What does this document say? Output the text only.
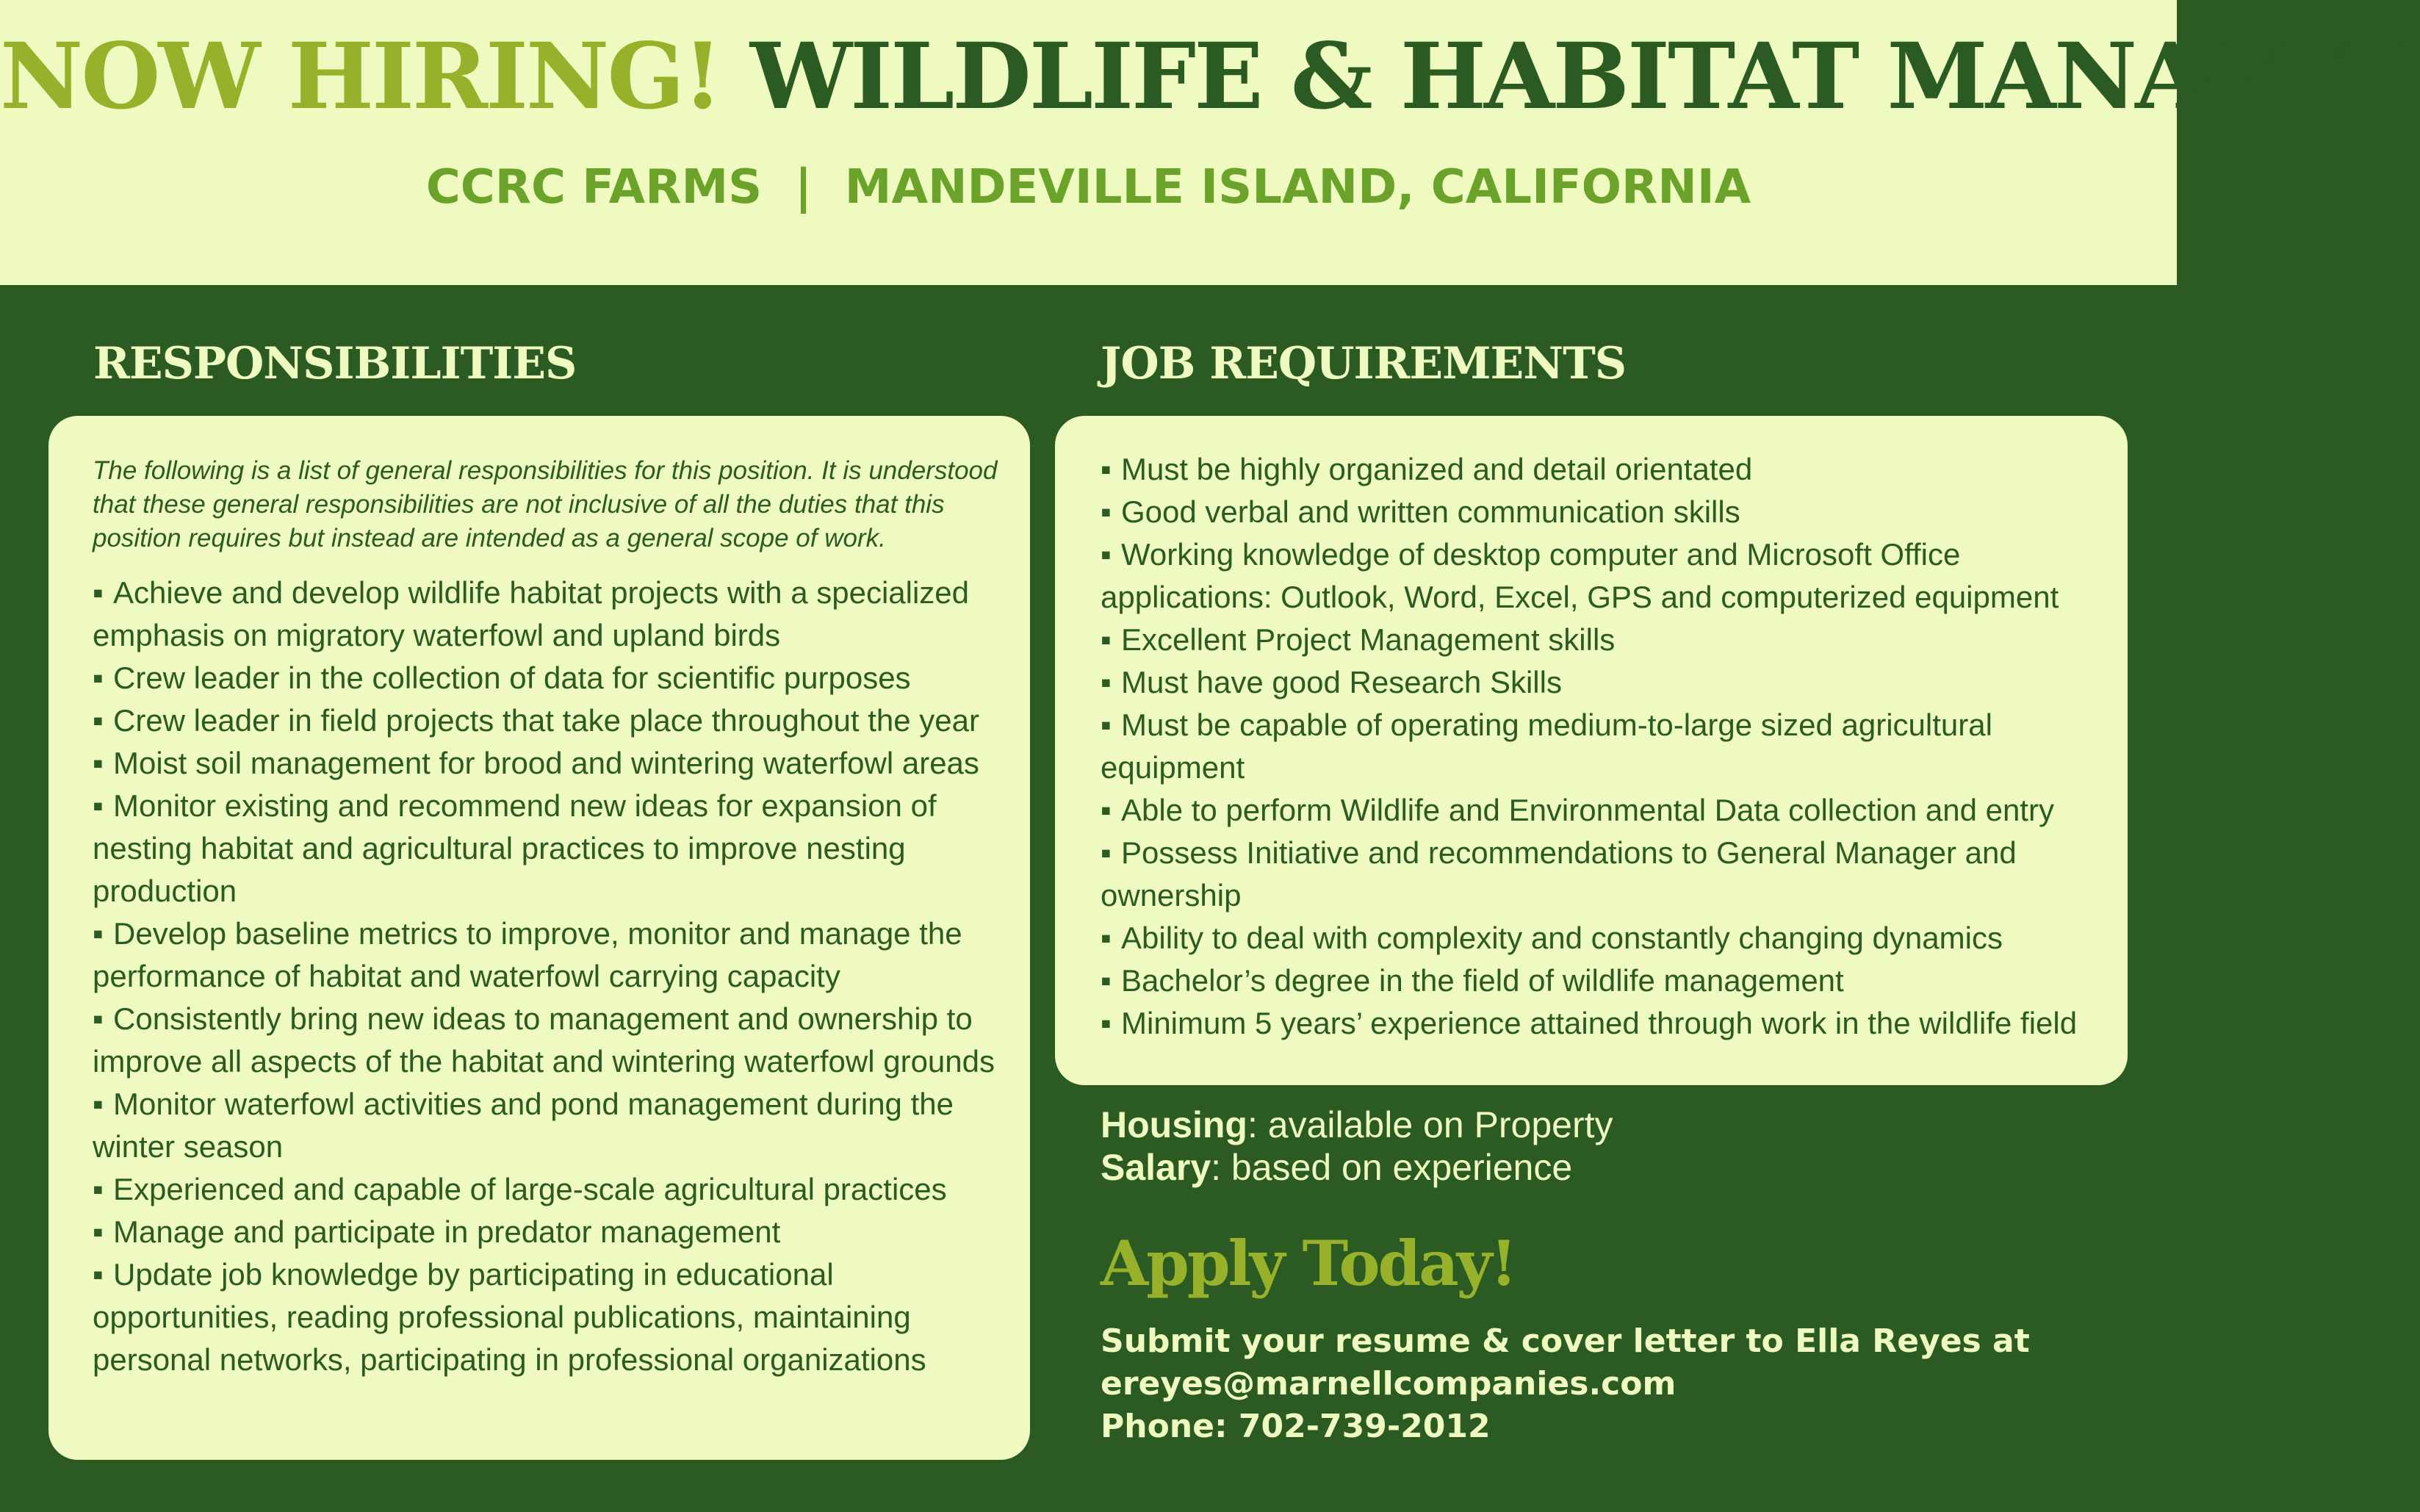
NOW HIRING! WILDLIFE & HABITAT MANAGER
CCRC FARMS  |  MANDEVILLE ISLAND, CALIFORNIA
RESPONSIBILITIES	JOB REQUIREMENTS

The following is a list of general responsibilities for this position. It is understood that these general responsibilities are not inclusive of all the duties that this position requires but instead are intended as a general scope of work.

▪ Achieve and develop wildlife habitat projects with a specialized emphasis on migratory waterfowl and upland birds
▪ Crew leader in the collection of data for scientific purposes
▪ Crew leader in field projects that take place throughout the year
▪ Moist soil management for brood and wintering waterfowl areas
▪ Monitor existing and recommend new ideas for expansion of nesting habitat and agricultural practices to improve nesting production
▪ Develop baseline metrics to improve, monitor and manage the performance of habitat and waterfowl carrying capacity
▪ Consistently bring new ideas to management and ownership to improve all aspects of the habitat and wintering waterfowl grounds
▪ Monitor waterfowl activities and pond management during the winter season
▪ Experienced and capable of large-scale agricultural practices
▪ Manage and participate in predator management
▪ Update job knowledge by participating in educational opportunities, reading professional publications, maintaining personal networks, participating in professional organizations
▪ Must be highly organized and detail orientated
▪ Good verbal and written communication skills
▪ Working knowledge of desktop computer and Microsoft Office applications: Outlook, Word, Excel, GPS and computerized equipment
▪ Excellent Project Management skills
▪ Must have good Research Skills
▪ Must be capable of operating medium-to-large sized agricultural equipment
▪ Able to perform Wildlife and Environmental Data collection and entry
▪ Possess Initiative and recommendations to General Manager and ownership
▪ Ability to deal with complexity and constantly changing dynamics
▪ Bachelor’s degree in the field of wildlife management
▪ Minimum 5 years’ experience attained through work in the wildlife field
Housing: available on Property
Salary: based on experience
Apply Today!
Submit your resume & cover letter to Ella Reyes at
ereyes@marnellcompanies.com
Phone: 702-739-2012
